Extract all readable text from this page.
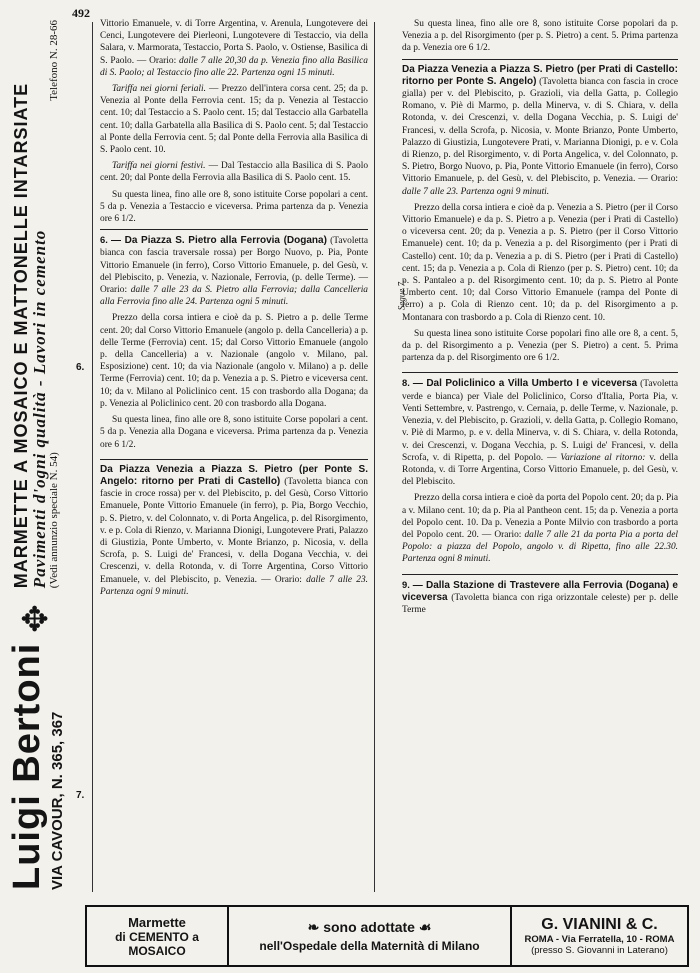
492
Luigi Bertoni VIA CAVOUR, N. 365, 367
✥
MARMETTE A MOSAICO E MATTONELLE INTARSIATE
Pavimenti d'ogni qualità - Lavori in cemento
(Vedi annunzio speciale N. 54)
Telefono N. 28-66
Segue 7.

Vittorio Emanuele, v. di Torre Argentina, v. Arenula, Lungotevere dei Cenci, Lungotevere dei Pierleoni, Lungotevere di Testaccio, via della Salara, v. Marmorata, Testaccio, Porta S. Paolo, v. Ostiense, Basilica di S. Paolo. — Orario: dalle 7 alle 20,30 da p. Venezia fino alla Basilica di S. Paolo; al Testaccio fino alle 22. Partenza ogni 15 minuti.

Tariffa nei giorni feriali. — Prezzo dell'intera corsa cent. 25; da p. Venezia al Ponte della Ferrovia cent. 15; da p. Venezia al Testaccio cent. 10; dal Testaccio a S. Paolo cent. 15; dal Testaccio alla Garbatella cent. 10; dalla Garbatella alla Basilica di S. Paolo cent. 5; dal Testaccio al Ponte della Ferrovia cent. 5; dal Ponte della Ferrovia alla Basilica di S. Paolo cent. 10.

Tariffa nei giorni festivi. — Dal Testaccio alla Basilica di S. Paolo cent. 20; dal Ponte della Ferrovia alla Basilica di S. Paolo cent. 15.

Su questa linea, fino alle ore 8, sono istituite Corse popolari a cent. 5 da p. Venezia a Testaccio e viceversa. Prima partenza da p. Venezia ore 6 1/2.

6. — Da Piazza S. Pietro alla Ferrovia (Dogana) (Tavoletta bianca con fascia traversale rossa) per Borgo Nuovo, p. Pia, Ponte Vittorio Emanuele (in ferro), Corso Vittorio Emanuele, p. del Gesù, v. del Plebiscito, p. Venezia, v. Nazionale, Ferrovia, (p. delle Terme). — Orario: dalle 7 alle 23 da S. Pietro alla Ferrovia; dalla Cancelleria alla Ferrovia fino alle 24. Partenza ogni 5 minuti.

Prezzo della corsa intiera e cioè da p. S. Pietro a p. delle Terme cent. 20; dal Corso Vittorio Emanuele (angolo p. della Cancelleria) a p. delle Terme (Ferrovia) cent. 15; dal Corso Vittorio Emanuele (angolo p. della Cancelleria) a v. Nazionale (angolo v. Milano, pal. Esposizione) cent. 10; da via Nazionale (angolo v. Milano) a p. delle Terme (Ferrovia) cent. 10; da p. Venezia a p. S. Pietro e viceversa cent. 10; da v. Milano al Policlinico cent. 15 con trasbordo alla Dogana; da p. Venezia al Policlinico cent. 20 con trasbordo alla Dogana.

Su questa linea, fino alle ore 8, sono istituite Corse popolari a cent. 5 da p. Venezia alla Dogana e viceversa. Prima partenza da p. Venezia ore 6 1/2.

Da Piazza Venezia a Piazza S. Pietro (per Ponte S. Angelo: ritorno per Prati di Castello) (Tavoletta bianca con fascie in croce rossa) per v. del Plebiscito, p. del Gesù, Corso Vittorio Emanuele, Ponte Vittorio Emanuele (in ferro), p. Pia, Borgo Vecchio, p. S. Pietro, v. del Colonnato, v. di Porta Angelica, p. del Risorgimento, v. e p. Cola di Rienzo, v. Marianna Dionigi, Lungotevere Prati, Palazzo di Giustizia, Ponte Umberto, v. Monte Brianzo, p. Nicosia, v. della Scrofa, p. S. Luigi de' Francesi, v. della Dogana Vecchia, v. dei Crescenzi, v. della Rotonda, v. di Torre Argentina, Corso Vittorio Emanuele, v. del Plebiscito, p. Venezia. — Orario: dalle 7 alle 23. Partenza ogni 9 minuti.

6.
7.

Su questa linea, fino alle ore 8, sono istituite Corse popolari da p. Venezia a p. del Risorgimento (per p. S. Pietro) a cent. 5. Prima partenza da p. Venezia ore 6 1/2.

Da Piazza Venezia a Piazza S. Pietro (per Prati di Castello: ritorno per Ponte S. Angelo) (Tavoletta bianca con fascia in croce gialla) per v. del Plebiscito, p. Grazioli, via della Gatta, p. Collegio Romano, v. Piè di Marmo, p. della Minerva, v. di S. Chiara, v. della Rotonda, v. dei Crescenzi, v. della Dogana Vecchia, p. S. Luigi de' Francesi, v. della Scrofa, p. Nicosia, v. Monte Brianzo, Ponte Umberto, Palazzo di Giustizia, Lungotevere Prati, v. Marianna Dionigi, p. e v. Cola di Rienzo, p. del Risorgimento, v. di Porta Angelica, v. del Colonnato, p. S. Pietro, Borgo Nuovo, p. Pia, Ponte Vittorio Emanuele (in ferro), Corso Vittorio Emanuele, p. del Gesù, v. del Plebiscito, p. Venezia. — Orario: dalle 7 alle 23. Partenza ogni 9 minuti.

Prezzo della corsa intiera e cioè da p. Venezia a S. Pietro (per il Corso Vittorio Emanuele) e da p. S. Pietro a p. Venezia (per i Prati di Castello) o viceversa cent. 20; da p. Venezia a p. S. Pietro (per il Corso Vittorio Emanuele) cent. 10; da p. Venezia a p. del Risorgimento (per i Prati di Castello) cent. 10; da p. Venezia a p. di S. Pietro (per i Prati di Castello) cent. 15; da p. Venezia a p. Cola di Rienzo (per p. S. Pietro) cent. 10; da p. S. Pantaleo a p. del Risorgimento cent. 10; da p. S. Pietro al Ponte Umberto cent. 10; dal Corso Vittorio Emanuele (rampa del Ponte di ferro) a p. Cola di Rienzo cent. 10; da p. del Risorgimento a p. Montanara con trasbordo a p. Cola di Rienzo cent. 10.

Su questa linea sono istituite Corse popolari fino alle ore 8, a cent. 5, da p. del Risorgimento a p. Venezia (per S. Pietro) a cent. 5. Prima partenza da p. del Risorgimento ore 6 1/2.

8. — Dal Policlinico a Villa Umberto I e viceversa (Tavoletta verde e bianca) per Viale del Policlinico, Corso d'Italia, Porta Pia, v. Venti Settembre, v. Pastrengo, v. Cernaia, p. delle Terme, v. Nazionale, p. Venezia, v. del Plebiscito, p. Grazioli, v. della Gatta, p. Collegio Romano, v. Piè di Marmo, p. e v. della Minerva, v. di S. Chiara, v. della Rotonda, v. dei Crescenzi, v. Dogana Vecchia, p. S. Luigi de' Francesi, v. della Scrofa, v. di Ripetta, p. del Popolo. — Variazione al ritorno: v. della Rotonda, v. di Torre Argentina, Corso Vittorio Emanuele, p. del Gesù, v. del Plebiscito.

Prezzo della corsa intiera e cioè da porta del Popolo cent. 20; da p. Pia a v. Milano cent. 10; da p. Pia al Pantheon cent. 15; da p. Venezia a porta del Popolo cent. 10. Da p. Venezia a Ponte Milvio con trasbordo a porta del Popolo cent. 20. — Orario: dalle 7 alle 21 da porta Pia a porta del Popolo: a piazza del Popolo, angolo v. di Ripetta, fino alle 22.30. Partenza ogni 8 minuti.

9. — Dalla Stazione di Trastevere alla Ferrovia (Dogana) e viceversa (Tavoletta bianca con riga orizzontale celeste) per p. delle Terme

Marmette
di CEMENTO a MOSAICO
❧ sono adottate ☙
nell'Ospedale della Maternità di Milano
G. VIANINI & C.
ROMA - Via Ferratella, 10 - ROMA
(presso S. Giovanni in Laterano)
